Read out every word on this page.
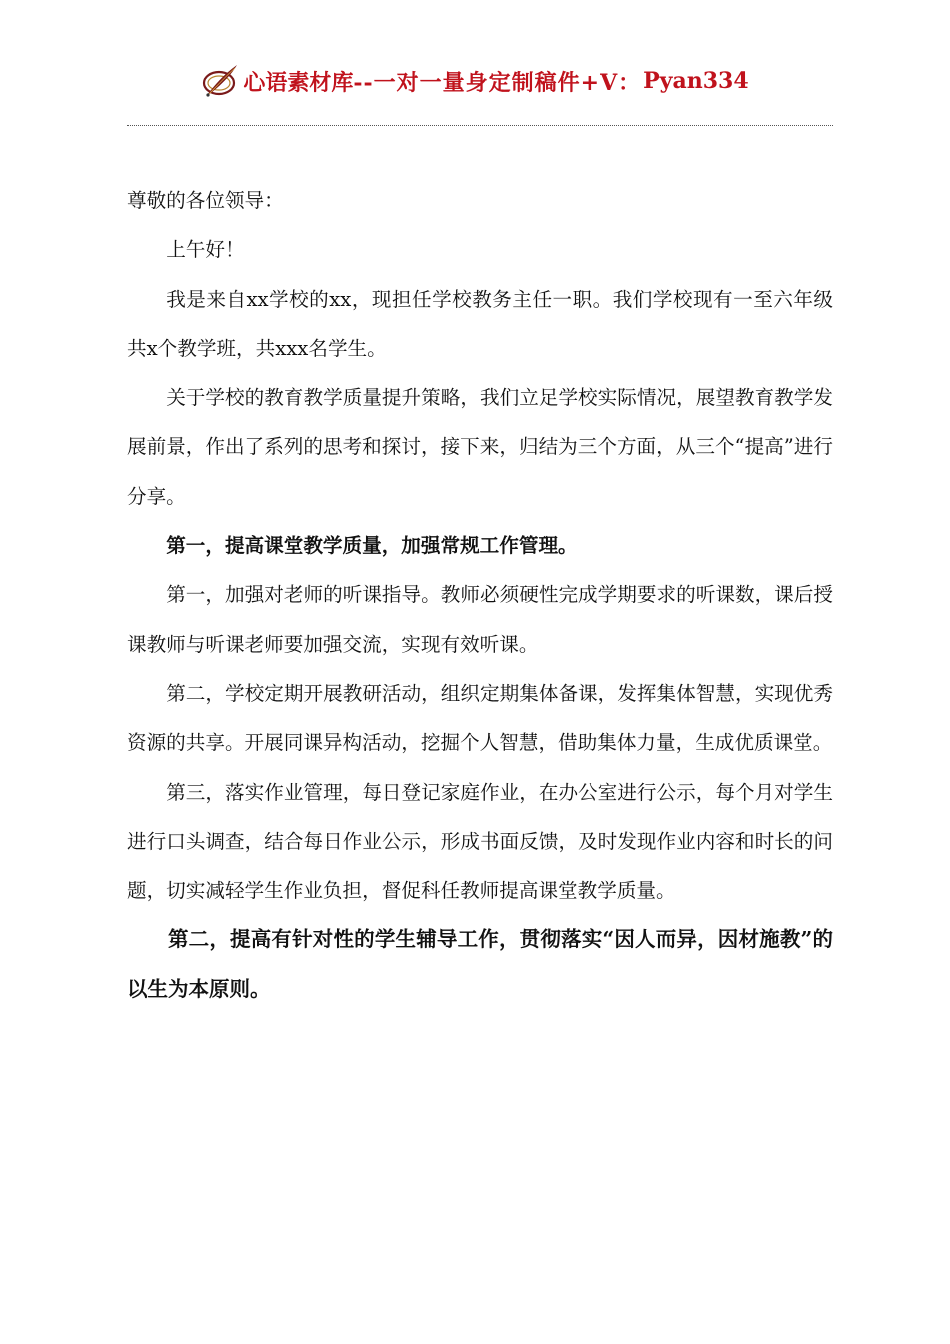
心语素材库 --一对一量身定制稿件+V： Pyan334

尊敬的各位领导：

上午好！

我是来自xx学校的xx，现担任学校教务主任一职。我们学校现有一至六年级共x个教学班，共xxx名学生。

关于学校的教育教学质量提升策略，我们立足学校实际情况，展望教育教学发展前景，作出了系列的思考和探讨，接下来，归结为三个方面，从三个“提高”进行分享。

第一，提高课堂教学质量，加强常规工作管理。

第一，加强对老师的听课指导。教师必须硬性完成学期要求的听课数，课后授课教师与听课老师要加强交流，实现有效听课。

第二，学校定期开展教研活动，组织定期集体备课，发挥集体智慧，实现优秀资源的共享。开展同课异构活动，挖掘个人智慧，借助集体力量，生成优质课堂。

第三，落实作业管理，每日登记家庭作业，在办公室进行公示，每个月对学生进行口头调查，结合每日作业公示，形成书面反馈，及时发现作业内容和时长的问题，切实减轻学生作业负担，督促科任教师提高课堂教学质量。

第二，提高有针对性的学生辅导工作，贯彻落实“因人而异，因材施教”的以生为本原则。
